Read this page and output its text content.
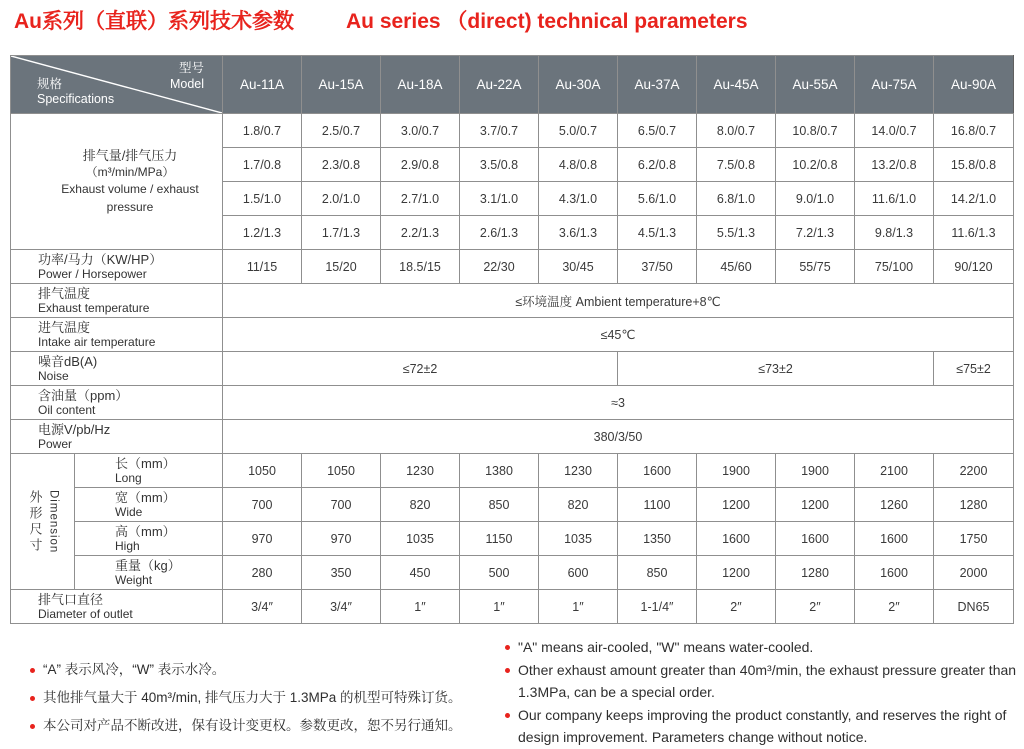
Au系列（直联）系列技术参数 Au series （direct) technical parameters
型号
Model
规格
Specifications		Au-11A	Au-15A	Au-18A	Au-22A	Au-30A	Au-37A	Au-45A	Au-55A	Au-75A	Au-90A

排气量/排气压力
（m³/min/MPa）
Exhaust volume / exhaust pressure		1.8/0.7	2.5/0.7	3.0/0.7	3.7/0.7	5.0/0.7	6.5/0.7	8.0/0.7	10.8/0.7	14.0/0.7	16.8/0.7
		1.7/0.8	2.3/0.8	2.9/0.8	3.5/0.8	4.8/0.8	6.2/0.8	7.5/0.8	10.2/0.8	13.2/0.8	15.8/0.8
		1.5/1.0	2.0/1.0	2.7/1.0	3.1/1.0	4.3/1.0	5.6/1.0	6.8/1.0	9.0/1.0	11.6/1.0	14.2/1.0
		1.2/1.3	1.7/1.3	2.2/1.3	2.6/1.3	3.6/1.3	4.5/1.3	5.5/1.3	7.2/1.3	9.8/1.3	11.6/1.3

功率/马力（KW/HP）
Power / Horsepower		11/15	15/20	18.5/15	22/30	30/45	37/50	45/60	55/75	75/100	90/120

排气温度
Exhaust temperature		≤环境温度 Ambient temperature+8℃									

进气温度
Intake air temperature		≤45℃									

噪音dB(A)
Noise		≤72±2					≤73±2				≤75±2

含油量（ppm）
Oil content		≈3									

电源V/pb/Hz
Power		380/3/50									

外形尺寸 Dimension

长（mm）
Long
	1050	1050	1230	1380	1230	1600	1900	1900	2100	2200

	宽（mm）
Wide	700	700	820	850	820	1100	1200	1200	1260	1280

	高（mm）
High	970	970	1035	1150	1035	1350	1600	1600	1600	1750

	重量（kg）
Weight	280	350	450	500	600	850	1200	1280	1600	2000

排气口直径
Diameter of outlet		3/4″	3/4″	1″	1″	1″	1-1/4″	2″	2″	2″	DN65
“A” 表示风冷，“W” 表示水冷。
其他排气量大于 40m³/min, 排气压力大于 1.3MPa 的机型可特殊订货。
本公司对产品不断改进，保有设计变更权。参数更改，恕不另行通知。
"A" means air-cooled, "W" means water-cooled.
Other exhaust amount greater than 40m³/min, the exhaust pressure greater than 1.3MPa, can be a special order.
Our company keeps improving the product constantly, and reserves the right of design improvement. Parameters change without notice.
